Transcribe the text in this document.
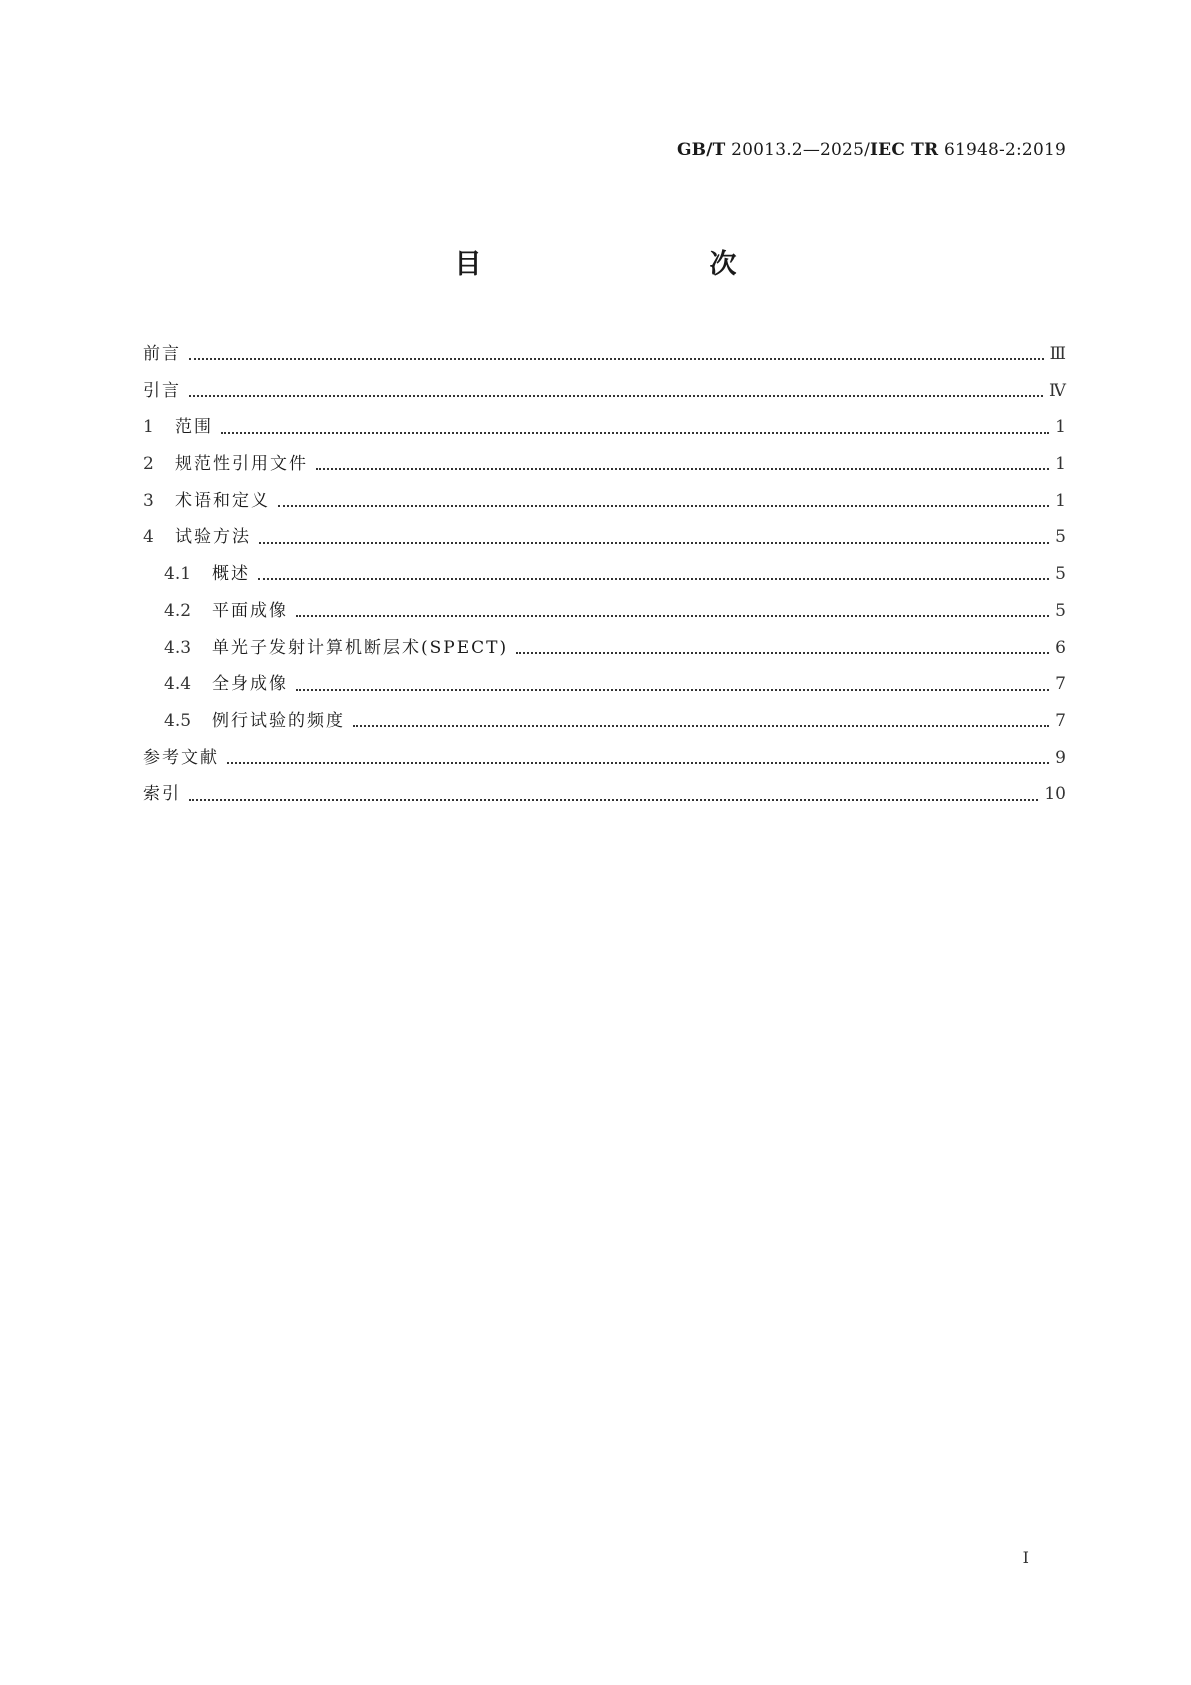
GB/T 20013.2—2025/IEC TR 61948-2:2019
目　　次
前言	Ⅲ
引言	Ⅳ
1	范围	1
2	规范性引用文件	1
3	术语和定义	1
4	试验方法	5
4.1	概述	5
4.2	平面成像	5
4.3	单光子发射计算机断层术(SPECT)	6
4.4	全身成像	7
4.5	例行试验的频度	7
参考文献	9
索引	10
Ⅰ
